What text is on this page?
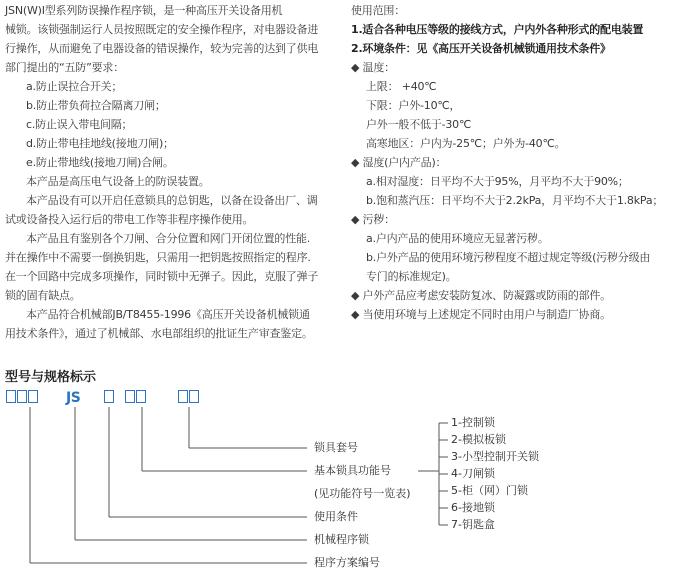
JSN(W)Ⅰ型系列防误操作程序锁，是一种高压开关设备用机
械锁。该锁强制运行人员按照既定的安全操作程序，对电器设备进
行操作，从而避免了电器设备的错误操作，较为完善的达到了供电
部门提出的“五防”要求：
a.防止误拉合开关；
b.防止带负荷拉合隔离刀闸；
c.防止误入带电间隔；
d.防止带电挂地线(接地刀闸)；
e.防止带地线(接地刀闸)合闸。
本产品是高压电气设备上的防误装置。
本产品设有可以开启任意锁具的总钥匙，以备在设备出厂、调
试或设备投入运行后的带电工作等非程序操作使用。
本产品且有鉴别各个刀闸、合分位置和网门开闭位置的性能.
并在操作中不需要一倒换钥匙，只需用一把钥匙按照指定的程序.
在一个回路中完成多项操作，同时锁中无弹子。因此，克服了弹子
锁的固有缺点。
本产品符合机械部JB/T8455-1996《高压开关设备机械锁通
用技术条件》，通过了机械部、水电部组织的批证生产审查鉴定。
使用范围：
1.适合各种电压等级的接线方式，户内外各种形式的配电装置
2.环境条件：见《高压开关设备机械锁通用技术条件》
◆ 温度：
上限： +40℃
下限：户外-10℃，
户外一般不低于-30℃
高寒地区：户内为-25℃；户外为-40℃。
◆ 湿度(户内产品)：
a.相对湿度：日平均不大于95%，月平均不大于90%；
b.饱和蒸汽压：日平均不大于2.2kPa，月平均不大于1.8kPa；
◆ 污秽：
a.户内产品的使用环境应无显著污秽。
b.户外产品的使用环境污秽程度不超过规定等级(污秽分级由
专门的标准规定)。
◆ 户外产品应考虑安装防复冰、防凝露或防雨的部件。
◆ 当使用环境与上述规定不同时由用户与制造厂协商。
型号与规格标示
JS
锁具套号
基本锁具功能号
(见功能符号一览表)
使用条件
机械程序锁
程序方案编号
1-控制锁
2-模拟板锁
3-小型控制开关锁
4-刀闸锁
5-柜（网）门锁
6-接地锁
7-钥匙盒
